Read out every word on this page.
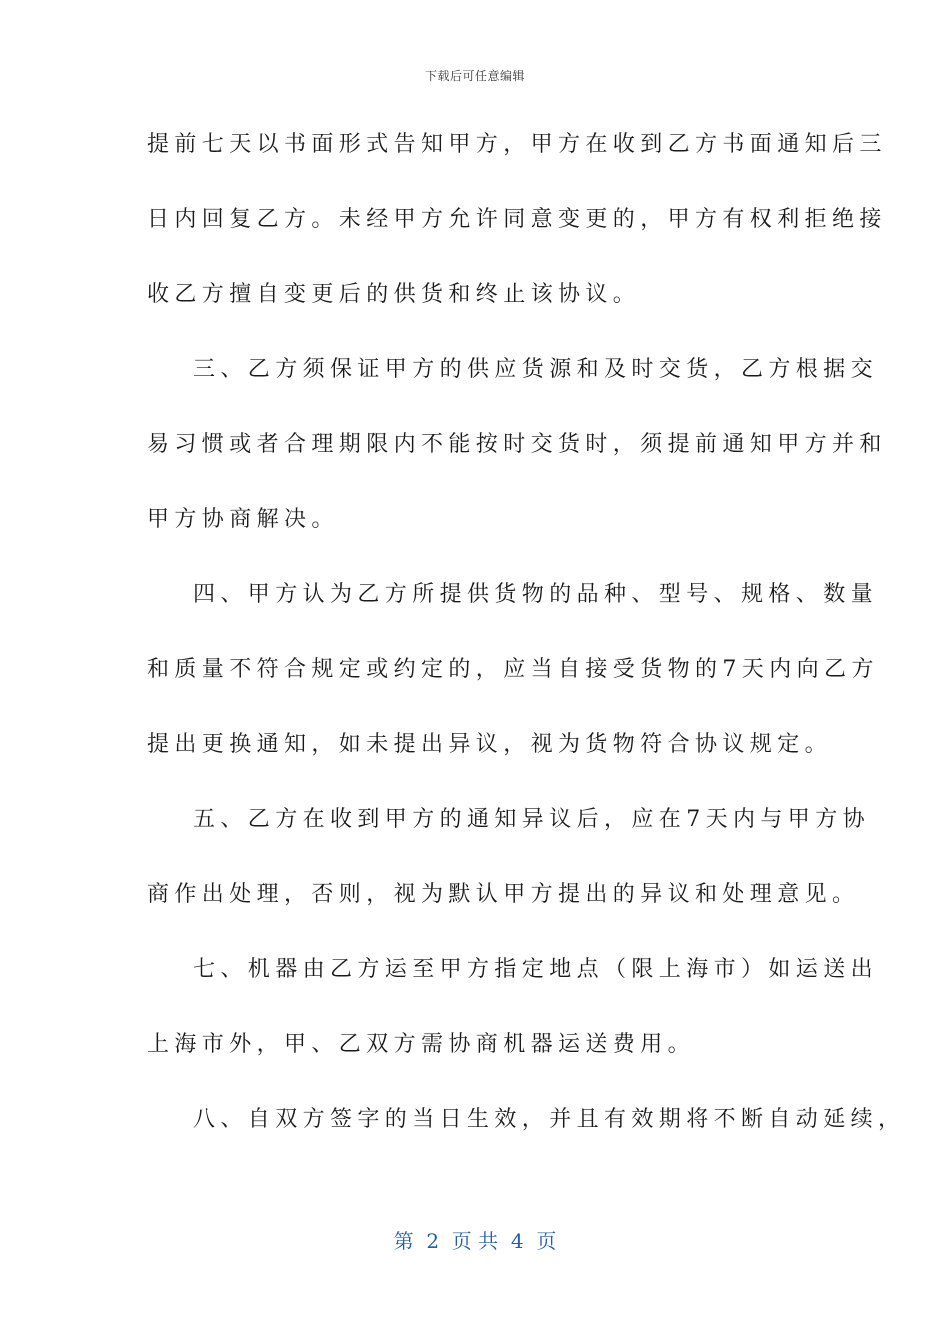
下载后可任意编辑
提前七天以书面形式告知甲方，甲方在收到乙方书面通知后三
日内回复乙方。未经甲方允许同意变更的，甲方有权利拒绝接
收乙方擅自变更后的供货和终止该协议。
三、乙方须保证甲方的供应货源和及时交货，乙方根据交
易习惯或者合理期限内不能按时交货时，须提前通知甲方并和
甲方协商解决。
四、甲方认为乙方所提供货物的品种、型号、规格、数量
和质量不符合规定或约定的，应当自接受货物的7天内向乙方
提出更换通知，如未提出异议，视为货物符合协议规定。
五、乙方在收到甲方的通知异议后，应在7天内与甲方协
商作出处理，否则，视为默认甲方提出的异议和处理意见。
七、机器由乙方运至甲方指定地点（限上海市）如运送出
上海市外，甲、乙双方需协商机器运送费用。
八、自双方签字的当日生效，并且有效期将不断自动延续，
第  2  页 共  4  页
